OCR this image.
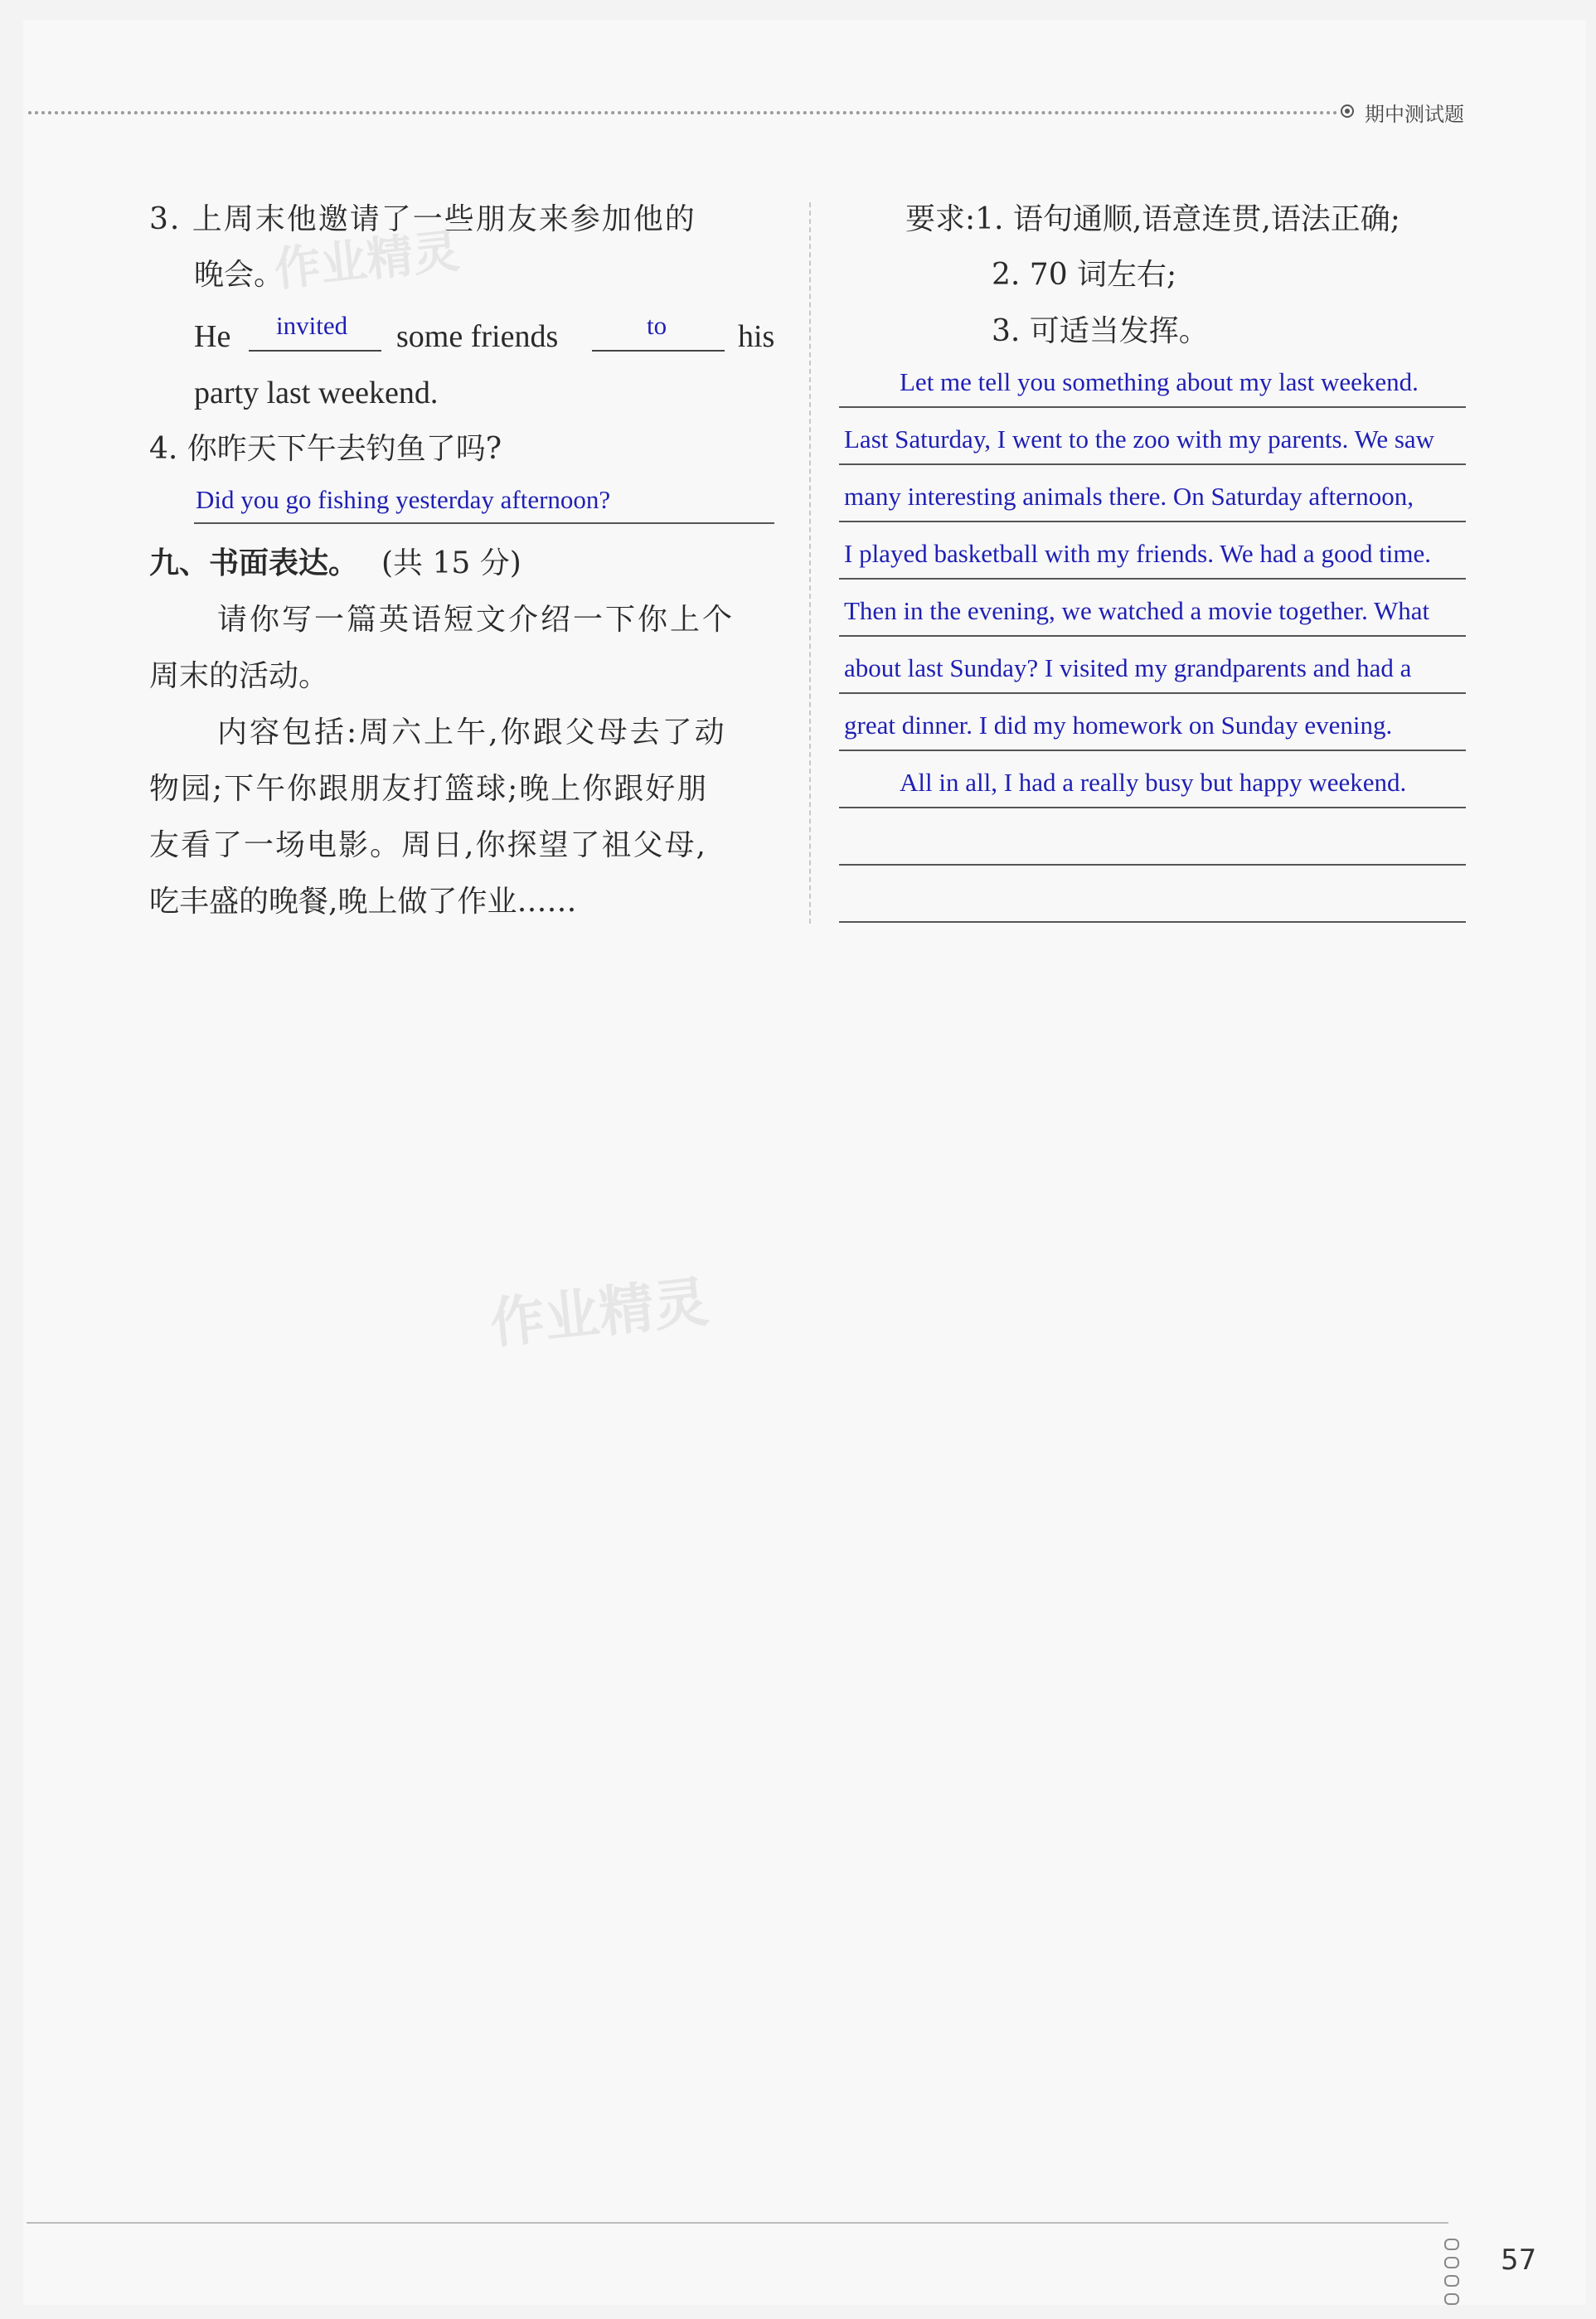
期中测试题
3. 上周末他邀请了一些朋友来参加他的
晚会。
He invited some friends	to his
party last weekend.
4. 你昨天下午去钓鱼了吗?
Did you go fishing yesterday afternoon?
九、书面表达。 (共 15 分)
请你写一篇英语短文介绍一下你上个
周末的活动。
内容包括:周六上午,你跟父母去了动
物园;下午你跟朋友打篮球;晚上你跟好朋
友看了一场电影。周日,你探望了祖父母,
吃丰盛的晚餐,晚上做了作业……
要求:1. 语句通顺,语意连贯,语法正确;
2. 70 词左右;
3. 可适当发挥。
Let me tell you something about my last weekend.
Last Saturday, I went to the zoo with my parents. We saw
many interesting animals there. On Saturday afternoon,
I played basketball with my friends. We had a good time.
Then in the evening, we watched a movie together. What
about last Sunday? I visited my grandparents and had a
great dinner. I did my homework on Sunday evening.
All in all, I had a really busy but happy weekend.
作业精灵
作业精灵
57
